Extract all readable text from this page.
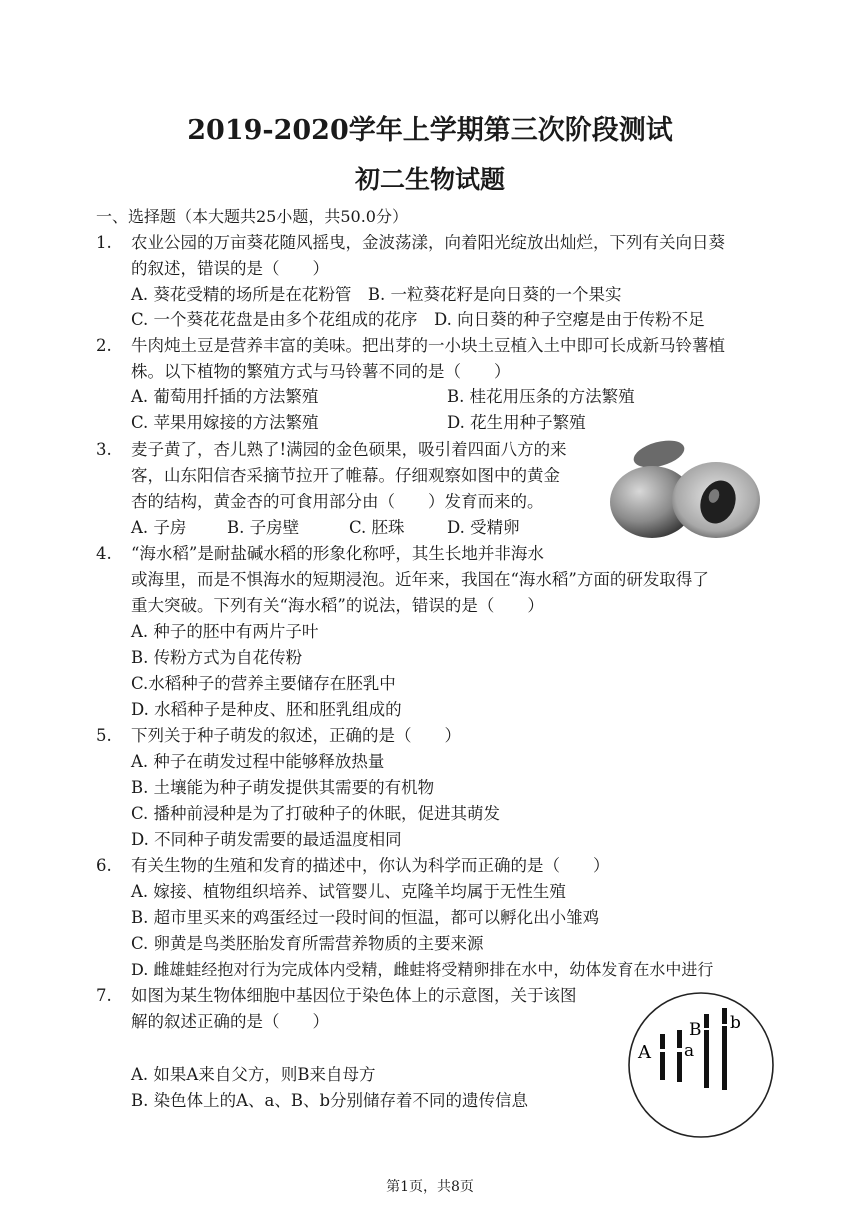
2019-2020学年上学期第三次阶段测试
初二生物试题
一、选择题（本大题共25小题，共50.0分）
1. 农业公园的万亩葵花随风摇曳，金波荡漾，向着阳光绽放出灿烂，下列有关向日葵
的叙述，错误的是（　　）
A. 葵花受精的场所是在花粉管　B. 一粒葵花籽是向日葵的一个果实
C. 一个葵花花盘是由多个花组成的花序　D. 向日葵的种子空瘪是由于传粉不足
2. 牛肉炖土豆是营养丰富的美味。把出芽的一小块土豆植入土中即可长成新马铃薯植
株。以下植物的繁殖方式与马铃薯不同的是（　　）
A. 葡萄用扦插的方法繁殖	B. 桂花用压条的方法繁殖
C. 苹果用嫁接的方法繁殖	D. 花生用种子繁殖
3. 麦子黄了，杏儿熟了!满园的金色硕果，吸引着四面八方的来
客，山东阳信杏采摘节拉开了帷幕。仔细观察如图中的黄金
杏的结构，黄金杏的可食用部分由（　　）发育而来的。
A. 子房 B. 子房壁	C. 胚珠	D. 受精卵
4. “海水稻”是耐盐碱水稻的形象化称呼，其生长地并非海水
或海里，而是不惧海水的短期浸泡。近年来，我国在“海水稻”方面的研发取得了
重大突破。下列有关“海水稻”的说法，错误的是（　　）
A. 种子的胚中有两片子叶
B. 传粉方式为自花传粉
C.水稻种子的营养主要储存在胚乳中
D. 水稻种子是种皮、胚和胚乳组成的
5. 下列关于种子萌发的叙述，正确的是（　　）
A. 种子在萌发过程中能够释放热量
B. 土壤能为种子萌发提供其需要的有机物
C. 播种前浸种是为了打破种子的休眠，促进其萌发
D. 不同种子萌发需要的最适温度相同
6. 有关生物的生殖和发育的描述中，你认为科学而正确的是（　　）
A. 嫁接、植物组织培养、试管婴儿、克隆羊均属于无性生殖
B. 超市里买来的鸡蛋经过一段时间的恒温，都可以孵化出小雏鸡
C. 卵黄是鸟类胚胎发育所需营养物质的主要来源
D. 雌雄蛙经抱对行为完成体内受精，雌蛙将受精卵排在水中，幼体发育在水中进行
7. 如图为某生物体细胞中基因位于染色体上的示意图，关于该图
解的叙述正确的是（　　）
A. 如果A来自父方，则B来自母方
B. 染色体上的A、a、B、b分别储存着不同的遗传信息
A a
B b
第1页，共8页
